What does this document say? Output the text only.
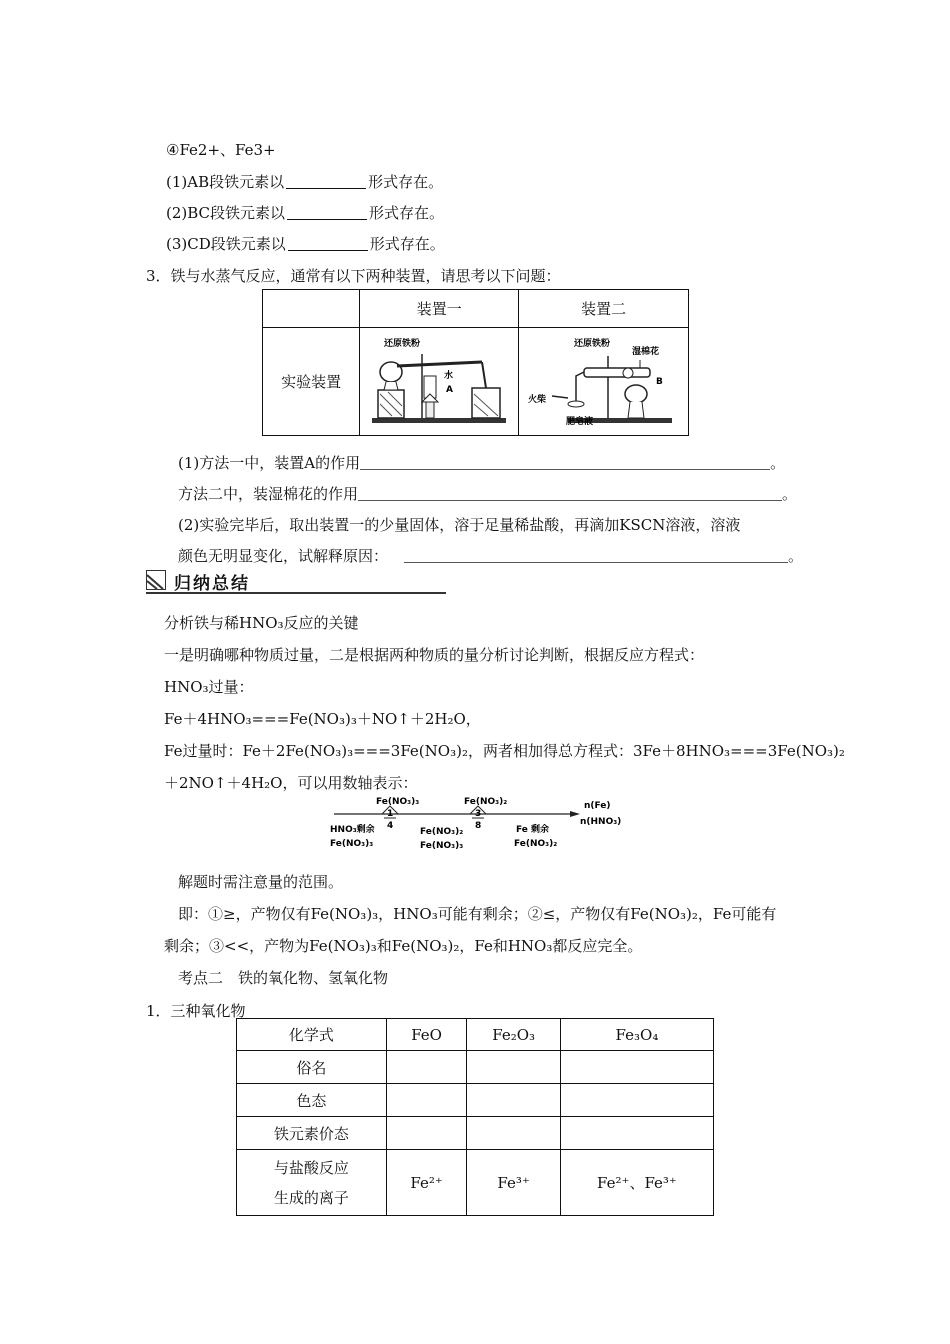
④Fe2+、Fe3+
(1)AB段铁元素以	形式存在。
(2)BC段铁元素以	形式存在。
(3)CD段铁元素以	形式存在。
3．铁与水蒸气反应，通常有以下两种装置，请思考以下问题：
	装置一	装置二
实验装置	还原铁粉
水
A	还原铁粉
湿棉花
B
火柴
肥皂液
(1)方法一中，装置A的作用	。
方法二中，装湿棉花的作用	。
(2)实验完毕后，取出装置一的少量固体，溶于足量稀盐酸，再滴加KSCN溶液，溶液
颜色无明显变化，试解释原因：	。
归纳总结
分析铁与稀HNO₃反应的关键
一是明确哪种物质过量，二是根据两种物质的量分析讨论判断，根据反应方程式：
HNO₃过量：
Fe＋4HNO₃===Fe(NO₃)₃＋NO↑＋2H₂O，
Fe过量时：Fe＋2Fe(NO₃)₃===3Fe(NO₃)₂，两者相加得总方程式：3Fe＋8HNO₃===3Fe(NO₃)₂
＋2NO↑＋4H₂O，可以用数轴表示：
Fe(NO₃)₃	Fe(NO₃)₂	n(Fe)
n(HNO₃)
1
4
3
8
HNO₃剩余
Fe(NO₃)₃
Fe(NO₃)₂
Fe(NO₃)₃
Fe 剩余
Fe(NO₃)₂
解题时需注意量的范围。
即：①≥，产物仅有Fe(NO₃)₃，HNO₃可能有剩余；②≤，产物仅有Fe(NO₃)₂，Fe可能有
剩余；③<<，产物为Fe(NO₃)₃和Fe(NO₃)₂，Fe和HNO₃都反应完全。
考点二　铁的氧化物、氢氧化物
1．三种氧化物
化学式	FeO	Fe₂O₃	Fe₃O₄
俗名			
色态			
铁元素价态			

与盐酸反应
生成的离子	Fe²⁺	Fe³⁺	Fe²⁺、Fe³⁺
